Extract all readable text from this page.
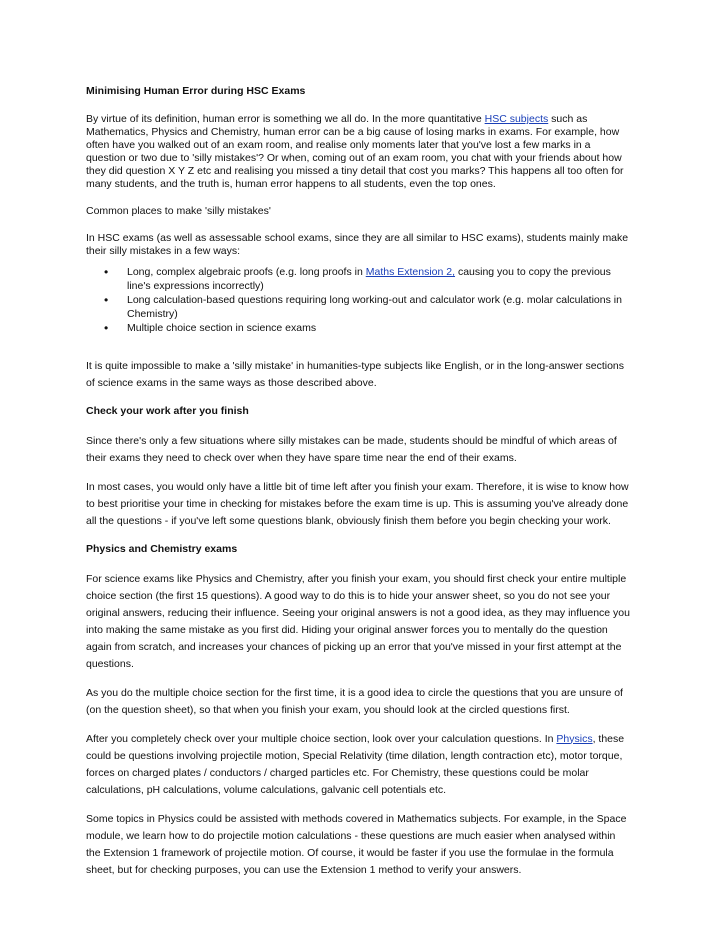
Minimising Human Error during HSC Exams

By virtue of its definition, human error is something we all do. In the more quantitative HSC subjects such as
Mathematics, Physics and Chemistry, human error can be a big cause of losing marks in exams. For example, how
often have you walked out of an exam room, and realise only moments later that you've lost a few marks in a
question or two due to 'silly mistakes'? Or when, coming out of an exam room, you chat with your friends about how
they did question X Y Z etc and realising you missed a tiny detail that cost you marks? This happens all too often for
many students, and the truth is, human error happens to all students, even the top ones.

Common places to make 'silly mistakes'

In HSC exams (as well as assessable school exams, since they are all similar to HSC exams), students mainly make
their silly mistakes in a few ways:

• Long, complex algebraic proofs (e.g. long proofs in Maths Extension 2, causing you to copy the previous
line's expressions incorrectly)
• Long calculation-based questions requiring long working-out and calculator work (e.g. molar calculations in
Chemistry)
• Multiple choice section in science exams

It is quite impossible to make a 'silly mistake' in humanities-type subjects like English, or in the long-answer sections
of science exams in the same ways as those described above.

Check your work after you finish

Since there's only a few situations where silly mistakes can be made, students should be mindful of which areas of
their exams they need to check over when they have spare time near the end of their exams.

In most cases, you would only have a little bit of time left after you finish your exam. Therefore, it is wise to know how
to best prioritise your time in checking for mistakes before the exam time is up. This is assuming you've already done
all the questions - if you've left some questions blank, obviously finish them before you begin checking your work.

Physics and Chemistry exams

For science exams like Physics and Chemistry, after you finish your exam, you should first check your entire multiple
choice section (the first 15 questions). A good way to do this is to hide your answer sheet, so you do not see your
original answers, reducing their influence. Seeing your original answers is not a good idea, as they may influence you
into making the same mistake as you first did. Hiding your original answer forces you to mentally do the question
again from scratch, and increases your chances of picking up an error that you've missed in your first attempt at the
questions.

As you do the multiple choice section for the first time, it is a good idea to circle the questions that you are unsure of
(on the question sheet), so that when you finish your exam, you should look at the circled questions first.

After you completely check over your multiple choice section, look over your calculation questions. In Physics, these
could be questions involving projectile motion, Special Relativity (time dilation, length contraction etc), motor torque,
forces on charged plates / conductors / charged particles etc. For Chemistry, these questions could be molar
calculations, pH calculations, volume calculations, galvanic cell potentials etc.

Some topics in Physics could be assisted with methods covered in Mathematics subjects. For example, in the Space
module, we learn how to do projectile motion calculations - these questions are much easier when analysed within
the Extension 1 framework of projectile motion. Of course, it would be faster if you use the formulae in the formula
sheet, but for checking purposes, you can use the Extension 1 method to verify your answers.
